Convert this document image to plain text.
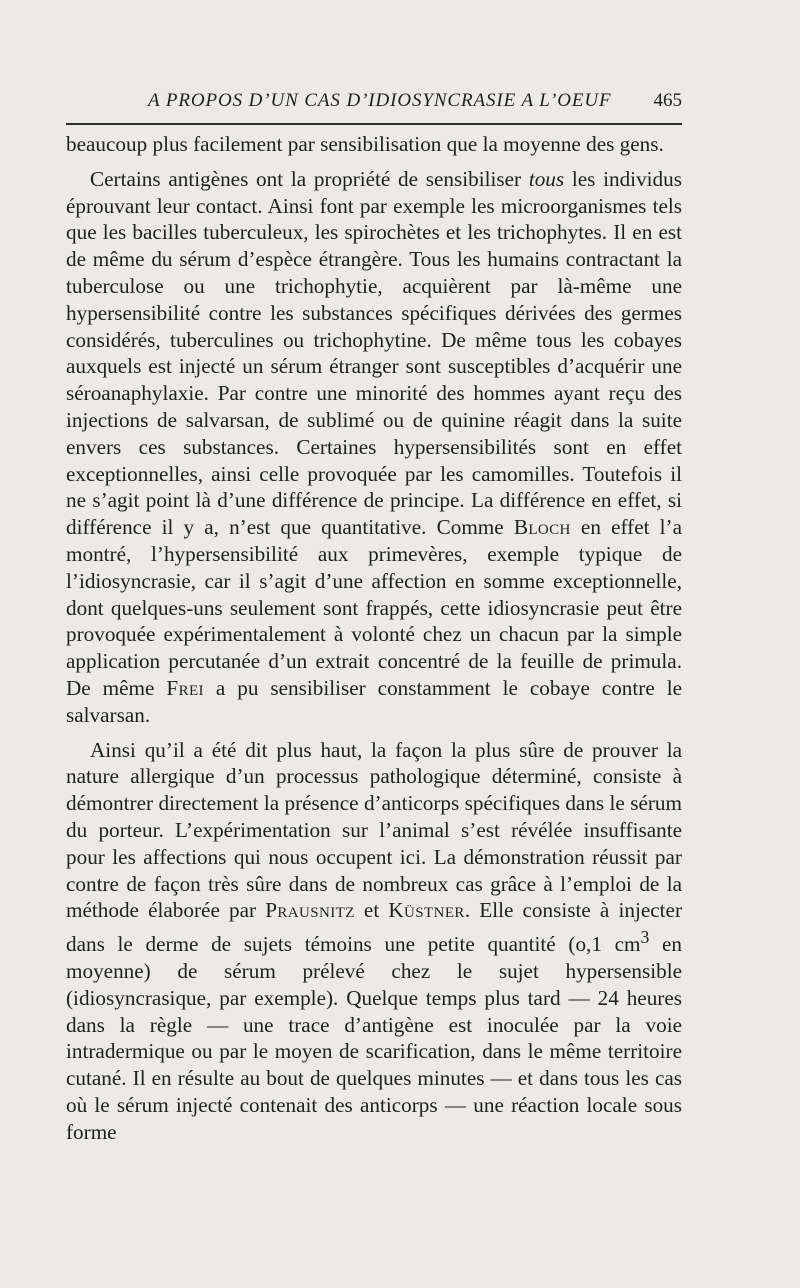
A PROPOS D’UN CAS D’IDIOSYNCRASIE A L’OEUF 465

beaucoup plus facilement par sensibilisation que la moyenne des gens.

Certains antigènes ont la propriété de sensibiliser tous les individus éprouvant leur contact. Ainsi font par exemple les microorganismes tels que les bacilles tuberculeux, les spirochètes et les trichophytes. Il en est de même du sérum d’espèce étrangère. Tous les humains contractant la tuberculose ou une trichophytie, acquièrent par là-même une hypersensibilité contre les substances spécifiques dérivées des germes considérés, tuberculines ou trichophytine. De même tous les cobayes auxquels est injecté un sérum étranger sont susceptibles d’acquérir une séroanaphylaxie. Par contre une minorité des hommes ayant reçu des injections de salvarsan, de sublimé ou de quinine réagit dans la suite envers ces substances. Certaines hypersensibilités sont en effet exceptionnelles, ainsi celle provoquée par les camomilles. Toutefois il ne s’agit point là d’une différence de principe. La différence en effet, si différence il y a, n’est que quantitative. Comme Bloch en effet l’a montré, l’hypersensibilité aux primevères, exemple typique de l’idiosyncrasie, car il s’agit d’une affection en somme exceptionnelle, dont quelques-uns seulement sont frappés, cette idiosyncrasie peut être provoquée expérimentalement à volonté chez un chacun par la simple application percutanée d’un extrait concentré de la feuille de primula. De même Frei a pu sensibiliser constamment le cobaye contre le salvarsan.

Ainsi qu’il a été dit plus haut, la façon la plus sûre de prouver la nature allergique d’un processus pathologique déterminé, consiste à démontrer directement la présence d’anticorps spécifiques dans le sérum du porteur. L’expérimentation sur l’animal s’est révélée insuffisante pour les affections qui nous occupent ici. La démonstration réussit par contre de façon très sûre dans de nombreux cas grâce à l’emploi de la méthode élaborée par Prausnitz et Küstner. Elle consiste à injecter dans le derme de sujets témoins une petite quantité (o,1 $cm^3$ en moyenne) de sérum prélevé chez le sujet hypersensible (idiosyncrasique, par exemple). Quelque temps plus tard — 24 heures dans la règle — une trace d’antigène est inoculée par la voie intradermique ou par le moyen de scarification, dans le même territoire cutané. Il en résulte au bout de quelques minutes — et dans tous les cas où le sérum injecté contenait des anticorps — une réaction locale sous forme
